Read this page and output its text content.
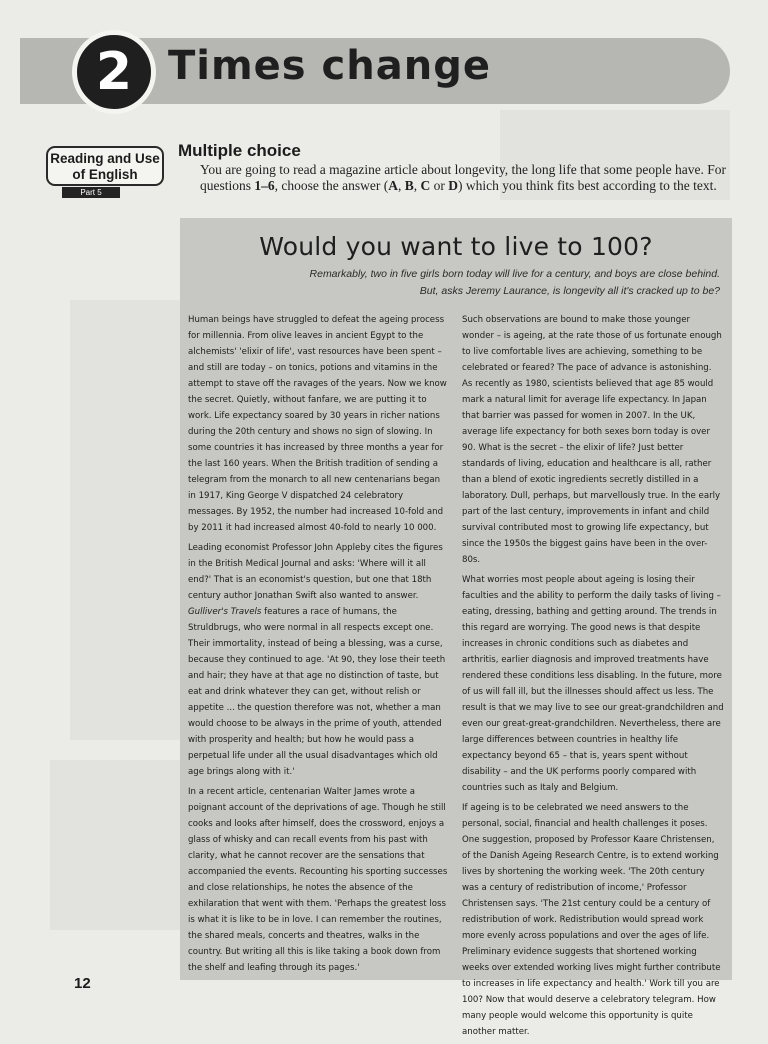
2 Times change
Reading and Use of English
Part 5
Multiple choice
You are going to read a magazine article about longevity, the long life that some people have. For questions 1–6, choose the answer (A, B, C or D) which you think fits best according to the text.
Would you want to live to 100?
Remarkably, two in five girls born today will live for a century, and boys are close behind.
But, asks Jeremy Laurance, is longevity all it's cracked up to be?

Human beings have struggled to defeat the ageing process for millennia. From olive leaves in ancient Egypt to the alchemists' 'elixir of life', vast resources have been spent – and still are today – on tonics, potions and vitamins in the attempt to stave off the ravages of the years. Now we know the secret. Quietly, without fanfare, we are putting it to work. Life expectancy soared by 30 years in richer nations during the 20th century and shows no sign of slowing. In some countries it has increased by three months a year for the last 160 years. When the British tradition of sending a telegram from the monarch to all new centenarians began in 1917, King George V dispatched 24 celebratory messages. By 1952, the number had increased 10-fold and by 2011 it had increased almost 40-fold to nearly 10 000.

Leading economist Professor John Appleby cites the figures in the British Medical Journal and asks: 'Where will it all end?' That is an economist's question, but one that 18th century author Jonathan Swift also wanted to answer. Gulliver's Travels features a race of humans, the Struldbrugs, who were normal in all respects except one. Their immortality, instead of being a blessing, was a curse, because they continued to age. 'At 90, they lose their teeth and hair; they have at that age no distinction of taste, but eat and drink whatever they can get, without relish or appetite ... the question therefore was not, whether a man would choose to be always in the prime of youth, attended with prosperity and health; but how he would pass a perpetual life under all the usual disadvantages which old age brings along with it.'

In a recent article, centenarian Walter James wrote a poignant account of the deprivations of age. Though he still cooks and looks after himself, does the crossword, enjoys a glass of whisky and can recall events from his past with clarity, what he cannot recover are the sensations that accompanied the events. Recounting his sporting successes and close relationships, he notes the absence of the exhilaration that went with them. 'Perhaps the greatest loss is what it is like to be in love. I can remember the routines, the shared meals, concerts and theatres, walks in the country. But writing all this is like taking a book down from the shelf and leafing through its pages.'

Such observations are bound to make those younger wonder – is ageing, at the rate those of us fortunate enough to live comfortable lives are achieving, something to be celebrated or feared? The pace of advance is astonishing. As recently as 1980, scientists believed that age 85 would mark a natural limit for average life expectancy. In Japan that barrier was passed for women in 2007. In the UK, average life expectancy for both sexes born today is over 90. What is the secret – the elixir of life? Just better standards of living, education and healthcare is all, rather than a blend of exotic ingredients secretly distilled in a laboratory. Dull, perhaps, but marvellously true. In the early part of the last century, improvements in infant and child survival contributed most to growing life expectancy, but since the 1950s the biggest gains have been in the over-80s.

What worries most people about ageing is losing their faculties and the ability to perform the daily tasks of living – eating, dressing, bathing and getting around. The trends in this regard are worrying. The good news is that despite increases in chronic conditions such as diabetes and arthritis, earlier diagnosis and improved treatments have rendered these conditions less disabling. In the future, more of us will fall ill, but the illnesses should affect us less. The result is that we may live to see our great-grandchildren and even our great-great-grandchildren. Nevertheless, there are large differences between countries in healthy life expectancy beyond 65 – that is, years spent without disability – and the UK performs poorly compared with countries such as Italy and Belgium.

If ageing is to be celebrated we need answers to the personal, social, financial and health challenges it poses. One suggestion, proposed by Professor Kaare Christensen, of the Danish Ageing Research Centre, is to extend working lives by shortening the working week. 'The 20th century was a century of redistribution of income,' Professor Christensen says. 'The 21st century could be a century of redistribution of work. Redistribution would spread work more evenly across populations and over the ages of life. Preliminary evidence suggests that shortened working weeks over extended working lives might further contribute to increases in life expectancy and health.' Work till you are 100? Now that would deserve a celebratory telegram. How many people would welcome this opportunity is quite another matter.

12
